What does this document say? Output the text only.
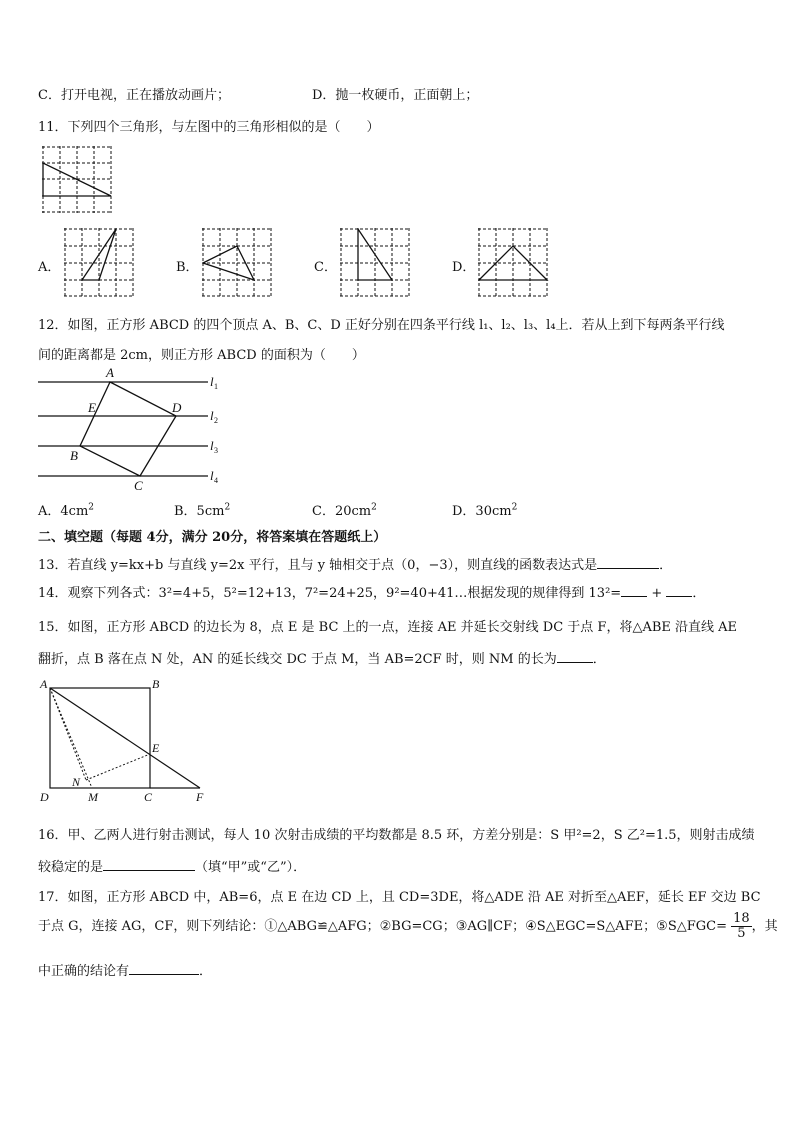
C．打开电视，正在播放动画片；	D．抛一枚硬币，正面朝上；
11．下列四个三角形，与左图中的三角形相似的是（　　）
A．	B．	C．	D．
12．如图，正方形 ABCD 的四个顶点 A、B、C、D 正好分别在四条平行线 l₁、l₂、l₃、l₄上．若从上到下每两条平行线
间的距离都是 2cm，则正方形 ABCD 的面积为（　　）
A
E	D
B
C
l
l
l
l
1
2
3
4
A．$4cm^2$	B．$5cm^2$	C．$20cm^2$	D．$30cm^2$
二、填空题（每题 4分，满分 20分，将答案填在答题纸上）
13．若直线 y=kx+b 与直线 y=2x 平行，且与 y 轴相交于点（0，−3），则直线的函数表达式是	．
14．观察下列各式：3²=4+5，5²=12+13，7²=24+25，9²=40+41…根据发现的规律得到 13²= + ．
15．如图，正方形 ABCD 的边长为 8，点 E 是 BC 上的一点，连接 AE 并延长交射线 DC 于点 F，将△ABE 沿直线 AE
翻折，点 B 落在点 N 处，AN 的延长线交 DC 于点 M，当 AB=2CF 时，则 NM 的长为	．
A	B
E
D	M
N
C	F
16．甲、乙两人进行射击测试，每人 10 次射击成绩的平均数都是 8.5 环，方差分别是：S 甲²=2，S 乙²=1.5，则射击成绩
较稳定的是	（填“甲”或“乙”）．
17．如图，正方形 ABCD 中，AB=6，点 E 在边 CD 上，且 CD=3DE，将△ADE 沿 AE 对折至△AEF，延长 EF 交边 BC
于点 G，连接 AG，CF，则下列结论：①△ABG≌△AFG；②BG=CG；③AG∥CF；④S△EGC=S△AFE；⑤S△FGC= $\frac{18}{5}$ ，其
中正确的结论有	．
